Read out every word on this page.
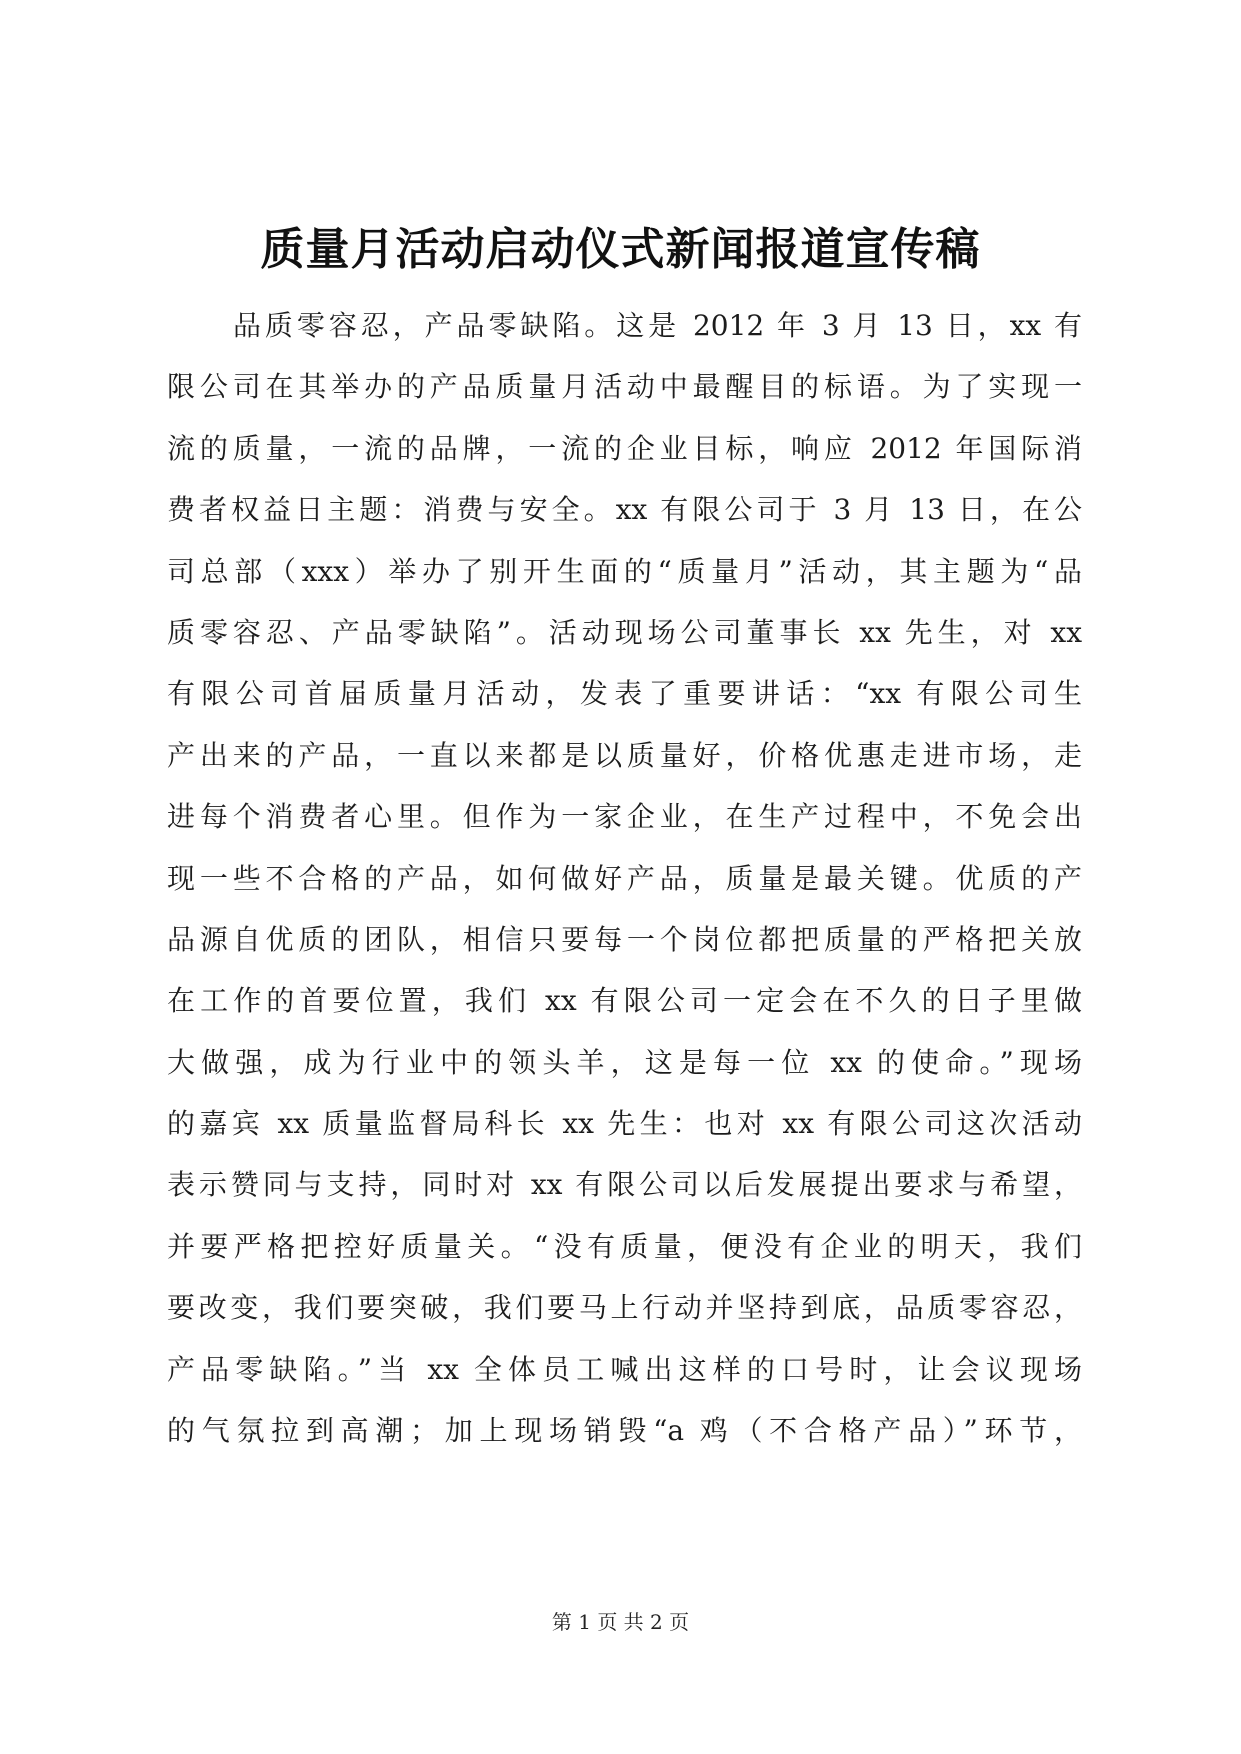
质量月活动启动仪式新闻报道宣传稿
品质零容忍，产品零缺陷。这是 2012 年 3 月 13 日，xx 有
限公司在其举办的产品质量月活动中最醒目的标语。为了实现一
流的质量，一流的品牌，一流的企业目标，响应 2012 年国际消
费者权益日主题：消费与安全。xx 有限公司于 3 月 13 日，在公
司总部（xxx）举办了别开生面的“质量月”活动，其主题为“品
质零容忍、产品零缺陷”。活动现场公司董事长 xx 先生，对 xx
有限公司首届质量月活动，发表了重要讲话：“xx 有限公司生
产出来的产品，一直以来都是以质量好，价格优惠走进市场，走
进每个消费者心里。但作为一家企业，在生产过程中，不免会出
现一些不合格的产品，如何做好产品，质量是最关键。优质的产
品源自优质的团队，相信只要每一个岗位都把质量的严格把关放
在工作的首要位置，我们 xx 有限公司一定会在不久的日子里做
大做强，成为行业中的领头羊，这是每一位 xx 的使命。”现场
的嘉宾 xx 质量监督局科长 xx 先生：也对 xx 有限公司这次活动
表示赞同与支持，同时对 xx 有限公司以后发展提出要求与希望，
并要严格把控好质量关。“没有质量，便没有企业的明天，我们
要改变，我们要突破，我们要马上行动并坚持到底，品质零容忍，
产品零缺陷。”当 xx 全体员工喊出这样的口号时，让会议现场
的气氛拉到高潮；加上现场销毁“a 鸡（不合格产品）”环节，
第 1 页 共 2 页
